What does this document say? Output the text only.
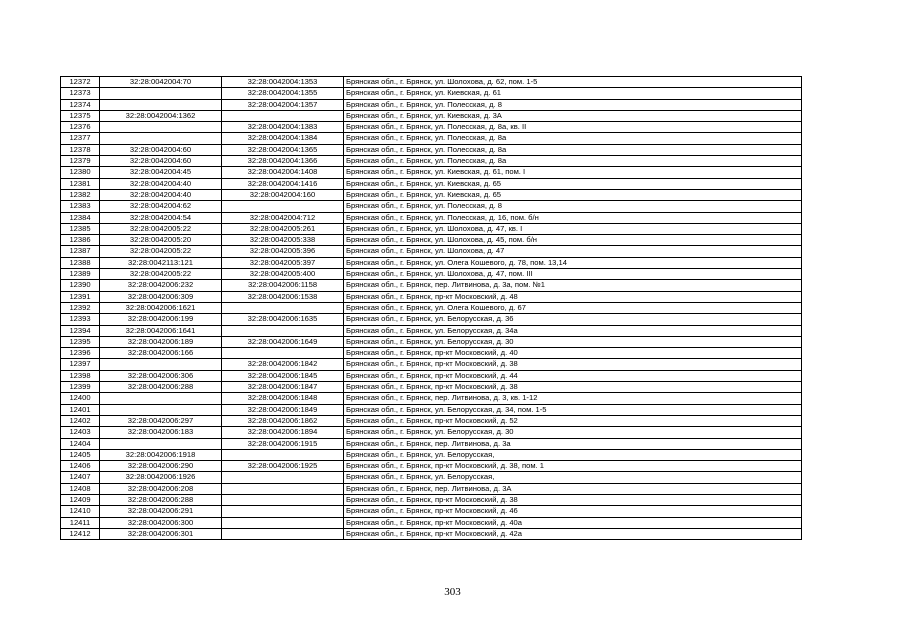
12372	32:28:0042004:70	32:28:0042004:1353	Брянская обл., г. Брянск, ул. Шолохова, д. 62, пом. 1-5
12373		32:28:0042004:1355	Брянская обл., г. Брянск, ул. Киевская, д. 61
12374		32:28:0042004:1357	Брянская обл., г. Брянск, ул. Полесская, д. 8
12375	32:28:0042004:1362		Брянская обл., г. Брянск, ул. Киевская, д. 3А
12376		32:28:0042004:1383	Брянская обл., г. Брянск, ул. Полесская, д. 8а, кв. II
12377		32:28:0042004:1384	Брянская обл., г. Брянск, ул. Полесская, д. 8а
12378	32:28:0042004:60	32:28:0042004:1365	Брянская обл., г. Брянск, ул. Полесская, д. 8а
12379	32:28:0042004:60	32:28:0042004:1366	Брянская обл., г. Брянск, ул. Полесская, д. 8а
12380	32:28:0042004:45	32:28:0042004:1408	Брянская обл., г. Брянск, ул. Киевская, д. 61, пом. I
12381	32:28:0042004:40	32:28:0042004:1416	Брянская обл., г. Брянск, ул. Киевская, д. 65
12382	32:28:0042004:40	32:28:0042004:160	Брянская обл., г. Брянск, ул. Киевская, д. 65
12383	32:28:0042004:62		Брянская обл., г. Брянск, ул. Полесская, д. 8
12384	32:28:0042004:54	32:28:0042004:712	Брянская обл., г. Брянск, ул. Полесская, д. 16, пом. б/н
12385	32:28:0042005:22	32:28:0042005:261	Брянская обл., г. Брянск, ул. Шолохова, д. 47, кв. I
12386	32:28:0042005:20	32:28:0042005:338	Брянская обл., г. Брянск, ул. Шолохова, д. 45, пом. б/н
12387	32:28:0042005:22	32:28:0042005:396	Брянская обл., г. Брянск, ул. Шолохова, д. 47
12388	32:28:0042113:121	32:28:0042005:397	Брянская обл., г. Брянск, ул. Олега Кошевого, д. 78, пом. 13,14
12389	32:28:0042005:22	32:28:0042005:400	Брянская обл., г. Брянск, ул. Шолохова, д. 47, пом. III
12390	32:28:0042006:232	32:28:0042006:1158	Брянская обл., г. Брянск, пер. Литвинова, д. 3а, пом. №1
12391	32:28:0042006:309	32:28:0042006:1538	Брянская обл., г. Брянск, пр-кт Московский, д. 48
12392	32:28:0042006:1621		Брянская обл., г. Брянск, ул. Олега Кошевого, д. 67
12393	32:28:0042006:199	32:28:0042006:1635	Брянская обл., г. Брянск, ул. Белорусская, д. 36
12394	32:28:0042006:1641		Брянская обл., г. Брянск, ул. Белорусская, д. 34а
12395	32:28:0042006:189	32:28:0042006:1649	Брянская обл., г. Брянск, ул. Белорусская, д. 30
12396	32:28:0042006:166		Брянская обл., г. Брянск, пр-кт Московский, д. 40
12397		32:28:0042006:1842	Брянская обл., г. Брянск, пр-кт Московский, д. 38
12398	32:28:0042006:306	32:28:0042006:1845	Брянская обл., г. Брянск, пр-кт Московский, д. 44
12399	32:28:0042006:288	32:28:0042006:1847	Брянская обл., г. Брянск, пр-кт Московский, д. 38
12400		32:28:0042006:1848	Брянская обл., г. Брянск, пер. Литвинова, д. 3, кв. 1-12
12401		32:28:0042006:1849	Брянская обл., г. Брянск, ул. Белорусская, д. 34, пом. 1-5
12402	32:28:0042006:297	32:28:0042006:1862	Брянская обл., г. Брянск, пр-кт Московский, д. 52
12403	32:28:0042006:183	32:28:0042006:1894	Брянская обл., г. Брянск, ул. Белорусская, д. 30
12404		32:28:0042006:1915	Брянская обл., г. Брянск, пер. Литвинова, д. 3а
12405	32:28:0042006:1918		Брянская обл., г. Брянск, ул. Белорусская,
12406	32:28:0042006:290	32:28:0042006:1925	Брянская обл., г. Брянск, пр-кт Московский, д. 38, пом. 1
12407	32:28:0042006:1926		Брянская обл., г. Брянск, ул. Белорусская,
12408	32:28:0042006:208		Брянская обл., г. Брянск, пер. Литвинова, д. 3А
12409	32:28:0042006:288		Брянская обл., г. Брянск, пр-кт Московский, д. 38
12410	32:28:0042006:291		Брянская обл., г. Брянск, пр-кт Московский, д. 46
12411	32:28:0042006:300		Брянская обл., г. Брянск, пр-кт Московский, д. 40а
12412	32:28:0042006:301		Брянская обл., г. Брянск, пр-кт Московский, д. 42а
303
